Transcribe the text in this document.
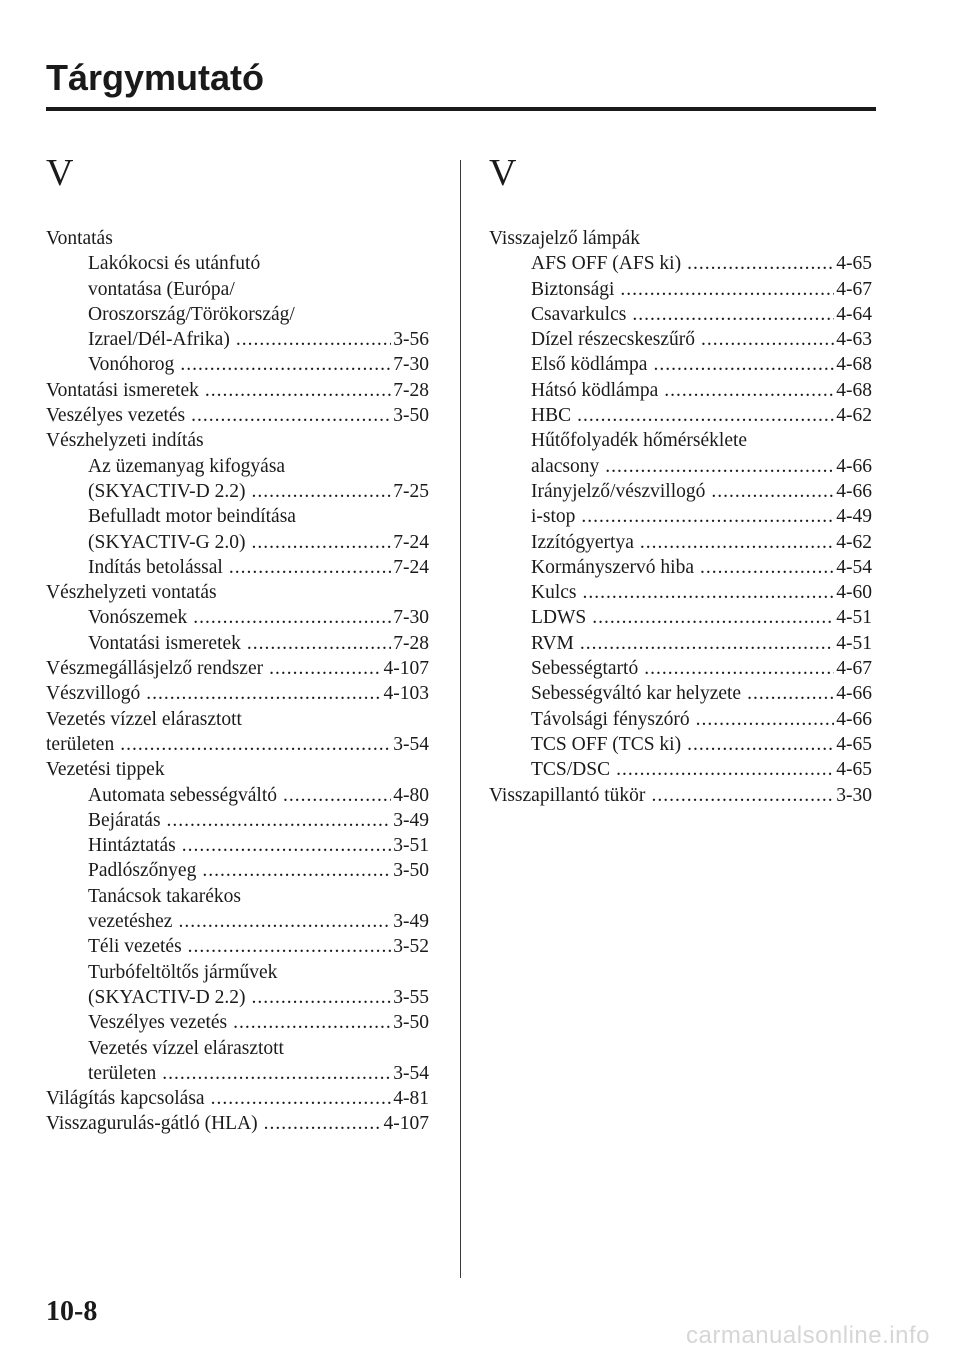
Tárgymutató
V
Vontatás
Lakókocsi és utánfutó
vontatása (Európa/
Oroszország/Törökország/
Izrael/Dél-Afrika) .....	3-56
Vonóhorog .....	7-30
Vontatási ismeretek .....	7-28
Veszélyes vezetés .....	3-50
Vészhelyzeti indítás
Az üzemanyag kifogyása
(SKYACTIV-D 2.2) .....	7-25
Befulladt motor beindítása
(SKYACTIV-G 2.0) .....	7-24
Indítás betolással .....	7-24
Vészhelyzeti vontatás
Vonószemek .....	7-30
Vontatási ismeretek .....	7-28
Vészmegállásjelző rendszer .....	4-107
Vészvillogó .....	4-103
Vezetés vízzel elárasztott
területen .....	3-54
Vezetési tippek
Automata sebességváltó .....	4-80
Bejáratás .....	3-49
Hintáztatás .....	3-51
Padlószőnyeg .....	3-50
Tanácsok takarékos
vezetéshez .....	3-49
Téli vezetés .....	3-52
Turbófeltöltős járművek
(SKYACTIV-D 2.2) .....	3-55
Veszélyes vezetés .....	3-50
Vezetés vízzel elárasztott
területen .....	3-54
Világítás kapcsolása .....	4-81
Visszagurulás-gátló (HLA) .....	4-107
V
Visszajelző lámpák
AFS OFF (AFS ki) .....	4-65
Biztonsági .....	4-67
Csavarkulcs .....	4-64
Dízel részecskeszűrő .....	4-63
Első ködlámpa .....	4-68
Hátsó ködlámpa .....	4-68
HBC .....	4-62
Hűtőfolyadék hőmérséklete
alacsony .....	4-66
Irányjelző/vészvillogó .....	4-66
i-stop .....	4-49
Izzítógyertya .....	4-62
Kormányszervó hiba .....	4-54
Kulcs .....	4-60
LDWS .....	4-51
RVM .....	4-51
Sebességtartó .....	4-67
Sebességváltó kar helyzete .....	4-66
Távolsági fényszóró .....	4-66
TCS OFF (TCS ki) .....	4-65
TCS/DSC .....	4-65
Visszapillantó tükör .....	3-30
10-8
carmanualsonline.info
